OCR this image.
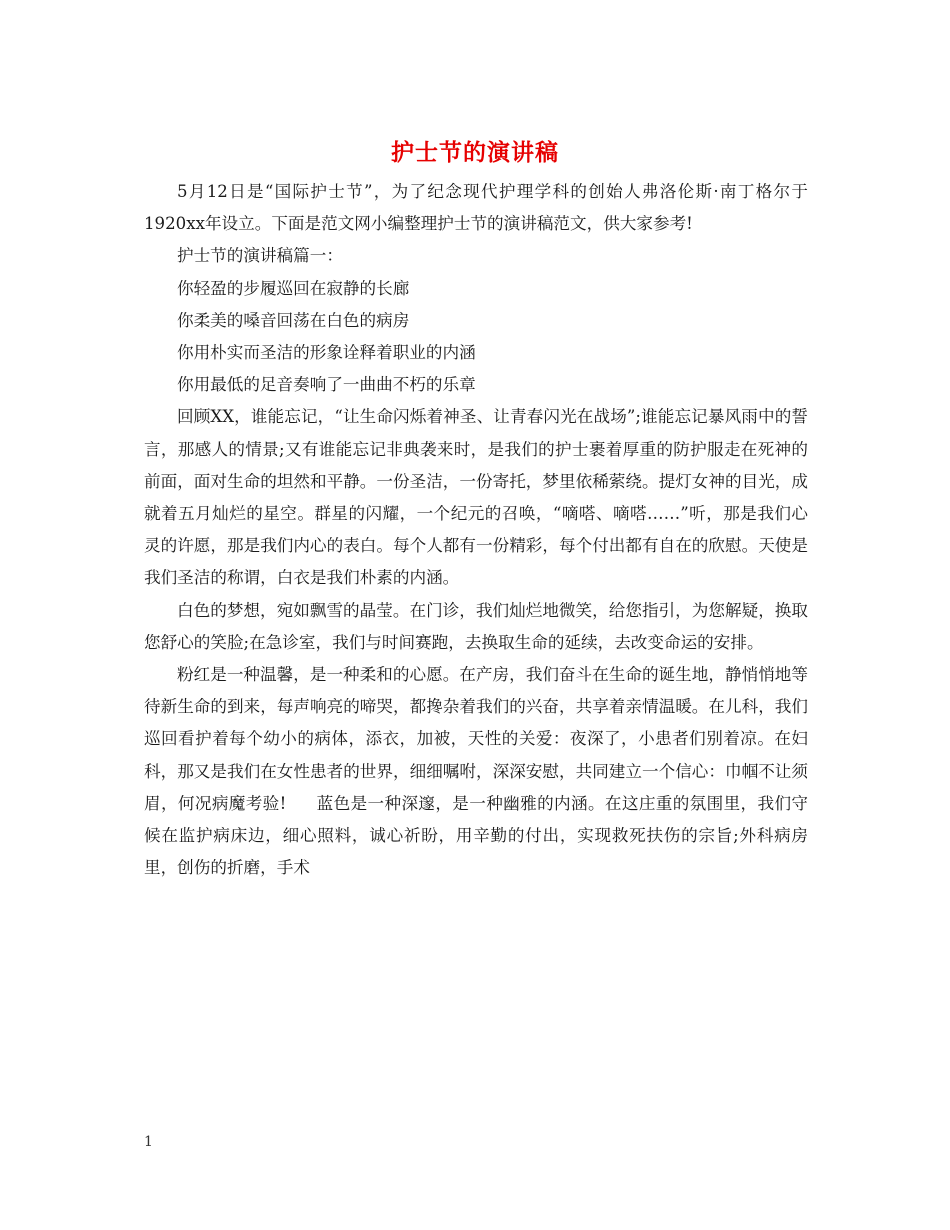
护士节的演讲稿

5月12日是“国际护士节”，为了纪念现代护理学科的创始人弗洛伦斯·南丁格尔于1920xx年设立。下面是范文网小编整理护士节的演讲稿范文，供大家参考!

护士节的演讲稿篇一：

你轻盈的步履巡回在寂静的长廊

你柔美的嗓音回荡在白色的病房

你用朴实而圣洁的形象诠释着职业的内涵

你用最低的足音奏响了一曲曲不朽的乐章

回顾XX，谁能忘记，“让生命闪烁着神圣、让青春闪光在战场”;谁能忘记暴风雨中的誓言，那感人的情景;又有谁能忘记非典袭来时，是我们的护士裹着厚重的防护服走在死神的前面，面对生命的坦然和平静。一份圣洁，一份寄托，梦里依稀萦绕。提灯女神的目光，成就着五月灿烂的星空。群星的闪耀，一个纪元的召唤，“嘀嗒、嘀嗒……”听，那是我们心灵的许愿，那是我们内心的表白。每个人都有一份精彩，每个付出都有自在的欣慰。天使是我们圣洁的称谓，白衣是我们朴素的内涵。

白色的梦想，宛如飘雪的晶莹。在门诊，我们灿烂地微笑，给您指引，为您解疑，换取您舒心的笑脸;在急诊室，我们与时间赛跑，去换取生命的延续，去改变命运的安排。

粉红是一种温馨，是一种柔和的心愿。在产房，我们奋斗在生命的诞生地，静悄悄地等待新生命的到来，每声响亮的啼哭，都搀杂着我们的兴奋，共享着亲情温暖。在儿科，我们巡回看护着每个幼小的病体，添衣，加被，天性的关爱：夜深了，小患者们别着凉。在妇科，那又是我们在女性患者的世界，细细嘱咐，深深安慰，共同建立一个信心：巾帼不让须眉，何况病魔考验! 蓝色是一种深邃，是一种幽雅的内涵。在这庄重的氛围里，我们守候在监护病床边，细心照料，诚心祈盼，用辛勤的付出，实现救死扶伤的宗旨;外科病房里，创伤的折磨，手术

1
